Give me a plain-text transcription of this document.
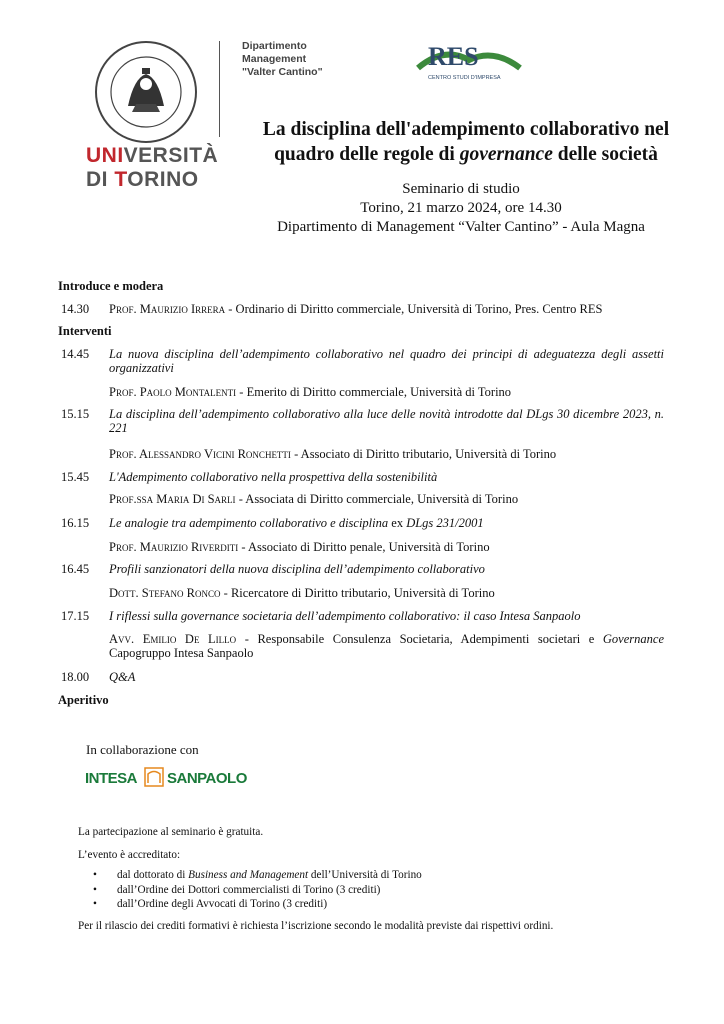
UNIVERSITÀ
DI TORINO
Dipartimento
Management
"Valter Cantino"
RES
CENTRO STUDI D'IMPRESA
La disciplina dell'adempimento collaborativo nel
quadro delle regole di governance delle società
Seminario di studio
Torino, 21 marzo 2024, ore 14.30
Dipartimento di Management “Valter Cantino” - Aula Magna
Introduce e modera
14.30 Prof. Maurizio Irrera - Ordinario di Diritto commerciale, Università di Torino, Pres. Centro RES
Interventi
14.45 La nuova disciplina dell’adempimento collaborativo nel quadro dei principi di adeguatezza degli assetti organizzativi
Prof. Paolo Montalenti - Emerito di Diritto commerciale, Università di Torino
15.15 La disciplina dell’adempimento collaborativo alla luce delle novità introdotte dal DLgs 30 dicembre 2023, n. 221
Prof. Alessandro Vicini Ronchetti - Associato di Diritto tributario, Università di Torino
15.45 L'Adempimento collaborativo nella prospettiva della sostenibilità
Prof.ssa Maria Di Sarli - Associata di Diritto commerciale, Università di Torino
16.15 Le analogie tra adempimento collaborativo e disciplina ex DLgs 231/2001
Prof. Maurizio Riverditi - Associato di Diritto penale, Università di Torino
16.45 Profili sanzionatori della nuova disciplina dell’adempimento collaborativo
Dott. Stefano Ronco - Ricercatore di Diritto tributario, Università di Torino
17.15 I riflessi sulla governance societaria dell’adempimento collaborativo: il caso Intesa Sanpaolo
Avv. Emilio De Lillo - Responsabile Consulenza Societaria, Adempimenti societari e Governance Capogruppo Intesa Sanpaolo
18.00 Q&A
Aperitivo
In collaborazione con
INTESA SANPAOLO
La partecipazione al seminario è gratuita.
L’evento è accreditato:
• dal dottorato di Business and Management dell’Università di Torino
• dall’Ordine dei Dottori commercialisti di Torino (3 crediti)
• dall’Ordine degli Avvocati di Torino (3 crediti)
Per il rilascio dei crediti formativi è richiesta l’iscrizione secondo le modalità previste dai rispettivi ordini.
